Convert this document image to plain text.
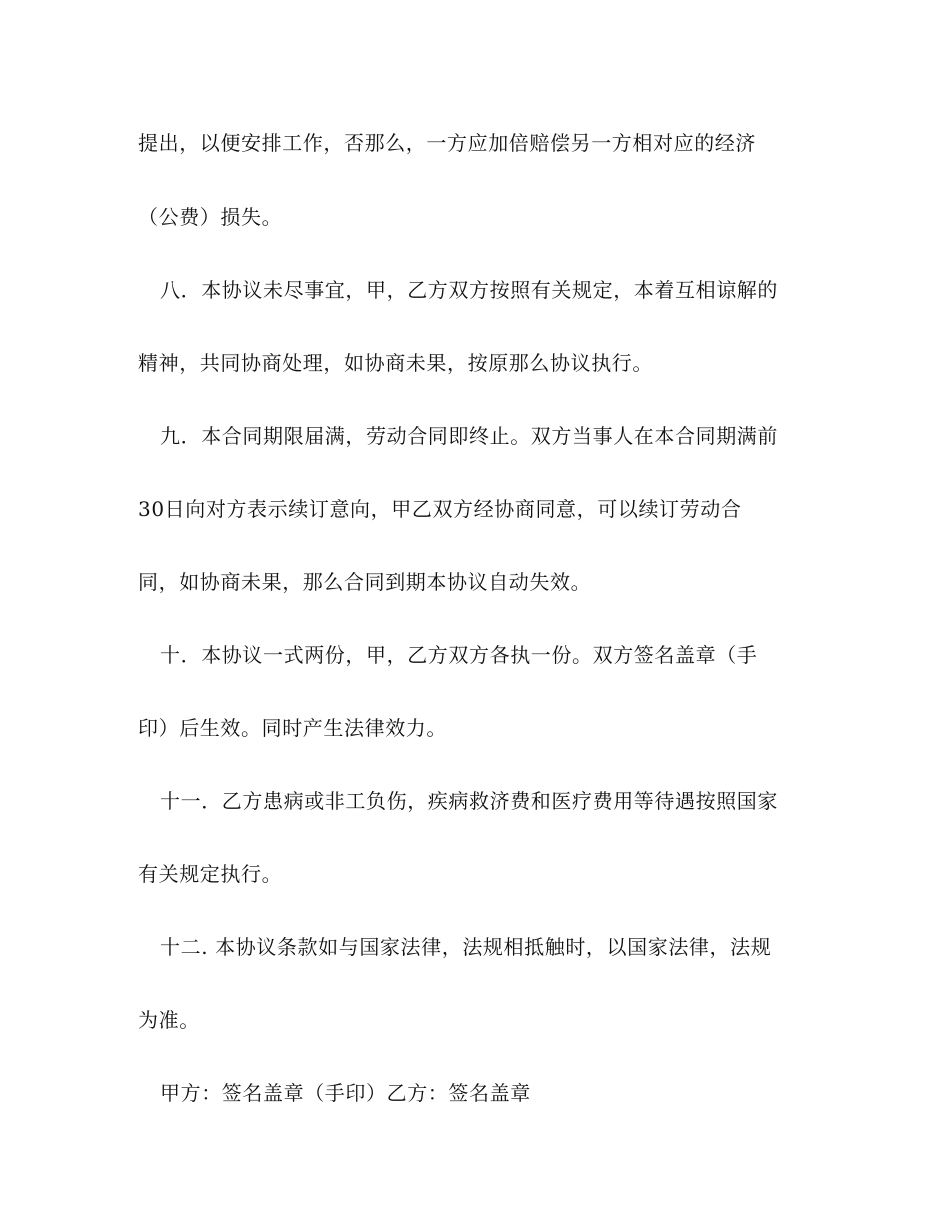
提出，以便安排工作，否那么，一方应加倍赔偿另一方相对应的经济

（公费）损失。

八．本协议未尽事宜，甲，乙方双方按照有关规定，本着互相谅解的

精神，共同协商处理，如协商未果，按原那么协议执行。

九．本合同期限届满，劳动合同即终止。双方当事人在本合同期满前

30日向对方表示续订意向，甲乙双方经协商同意，可以续订劳动合

同，如协商未果，那么合同到期本协议自动失效。

十．本协议一式两份，甲，乙方双方各执一份。双方签名盖章（手

印）后生效。同时产生法律效力。

十一．乙方患病或非工负伤，疾病救济费和医疗费用等待遇按照国家

有关规定执行。

十二. 本协议条款如与国家法律，法规相抵触时，以国家法律，法规

为准。

甲方：签名盖章（手印）乙方：签名盖章
